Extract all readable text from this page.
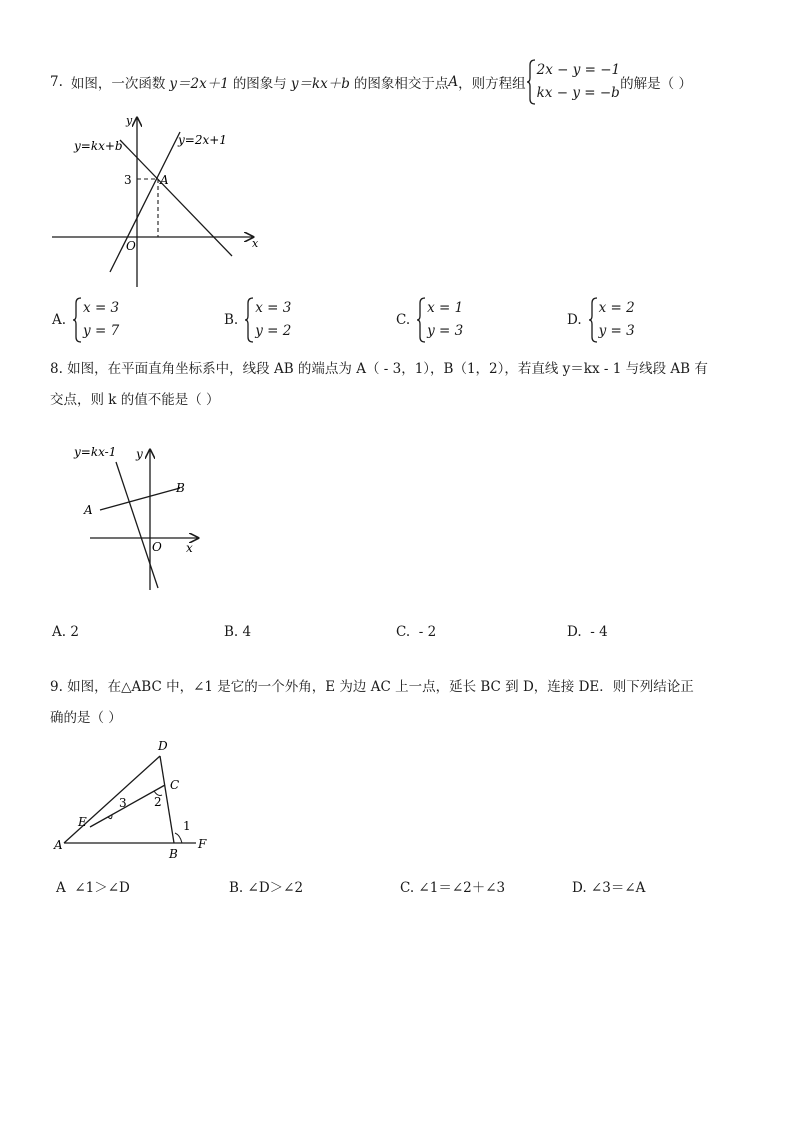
7. 如图，一次函数 y＝2x＋1 的图象与 y＝kx＋b 的图象相交于点 A ，则方程组
2x − y = −1
kx − y = −b
的解是（ ）
y=kx+b	y=2x+1
y
x
O
3 A
A.
x = 3
y = 7
B.
x = 3
y = 2
C.
x = 1
y = 3
D.
x = 2
y = 3
8. 如图，在平面直角坐标系中，线段 AB 的端点为 A（ - 3，1），B（1，2），若直线 y＝kx - 1 与线段 AB 有
交点，则 k 的值不能是（ ）
y=kx-1 y
x
B
A
O
A. 2	B. 4	C.  - 2	D.  - 4
9. 如图，在△ABC 中，∠1 是它的一个外角，E 为边 AC 上一点，延长 BC 到 D，连接 DE．则下列结论正
确的是（ ）
D
C
3 2
E	1
A
B
F
A  ∠1＞∠D	B. ∠D＞∠2	C. ∠1＝∠2＋∠3	D. ∠3＝∠A
